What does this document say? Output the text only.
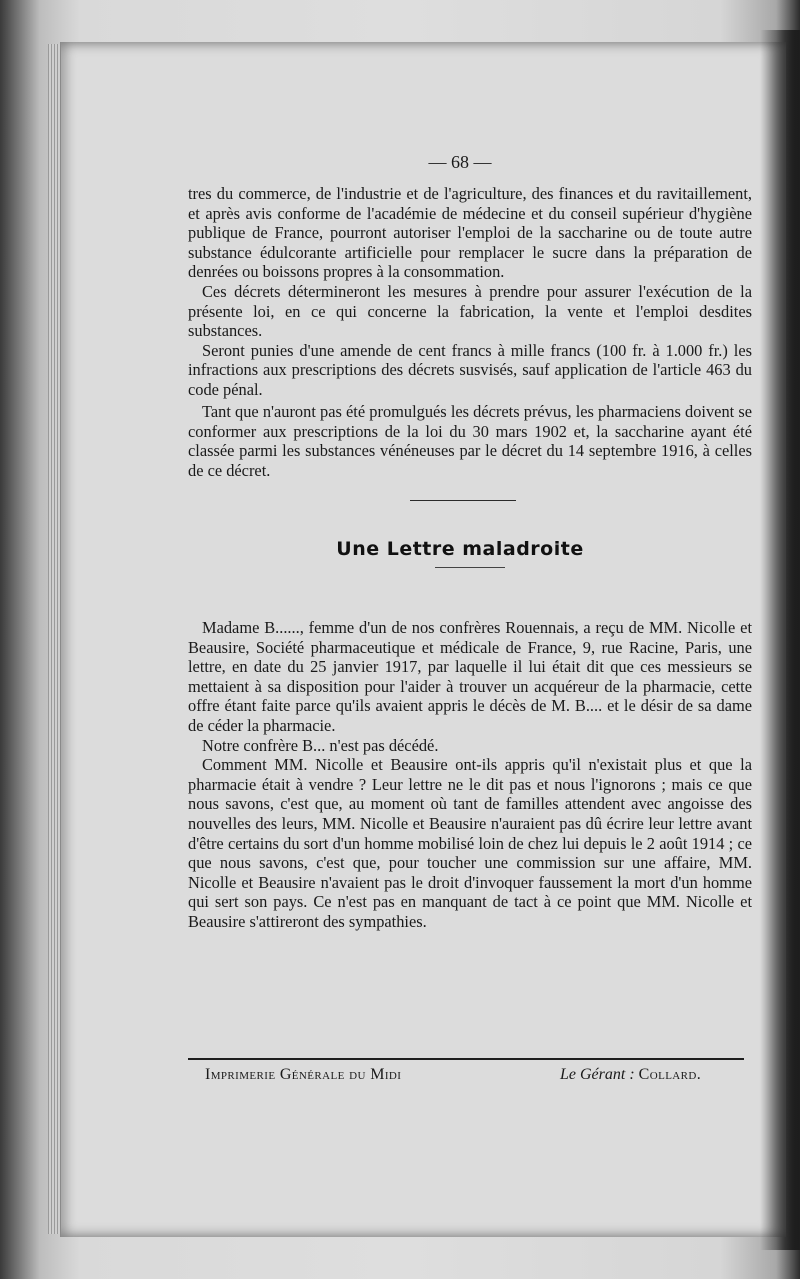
— 68 —

tres du commerce, de l'industrie et de l'agriculture, des finances et du ravitaillement, et après avis conforme de l'académie de médecine et du conseil supérieur d'hygiène publique de France, pourront autoriser l'emploi de la saccharine ou de toute autre substance édulcorante artificielle pour remplacer le sucre dans la préparation de denrées ou boissons propres à la consommation.

Ces décrets détermineront les mesures à prendre pour assurer l'exécution de la présente loi, en ce qui concerne la fabrication, la vente et l'emploi desdites substances.

Seront punies d'une amende de cent francs à mille francs (100 fr. à 1.000 fr.) les infractions aux prescriptions des décrets susvisés, sauf application de l'article 463 du code pénal.

Tant que n'auront pas été promulgués les décrets prévus, les pharmaciens doivent se conformer aux prescriptions de la loi du 30 mars 1902 et, la saccharine ayant été classée parmi les substances vénéneuses par le décret du 14 septembre 1916, à celles de ce décret.

Une Lettre maladroite

Madame B......, femme d'un de nos confrères Rouennais, a reçu de MM. Nicolle et Beausire, Société pharmaceutique et médicale de France, 9, rue Racine, Paris, une lettre, en date du 25 janvier 1917, par laquelle il lui était dit que ces messieurs se mettaient à sa disposition pour l'aider à trouver un acquéreur de la pharmacie, cette offre étant faite parce qu'ils avaient appris le décès de M. B.... et le désir de sa dame de céder la pharmacie.

Notre confrère B... n'est pas décédé.

Comment MM. Nicolle et Beausire ont-ils appris qu'il n'existait plus et que la pharmacie était à vendre ? Leur lettre ne le dit pas et nous l'ignorons ; mais ce que nous savons, c'est que, au moment où tant de familles attendent avec angoisse des nouvelles des leurs, MM. Nicolle et Beausire n'auraient pas dû écrire leur lettre avant d'être certains du sort d'un homme mobilisé loin de chez lui depuis le 2 août 1914 ; ce que nous savons, c'est que, pour toucher une commission sur une affaire, MM. Nicolle et Beausire n'avaient pas le droit d'invoquer faussement la mort d'un homme qui sert son pays. Ce n'est pas en manquant de tact à ce point que MM. Nicolle et Beausire s'attireront des sympathies.

Imprimerie Générale du Midi	Le Gérant : Collard.
